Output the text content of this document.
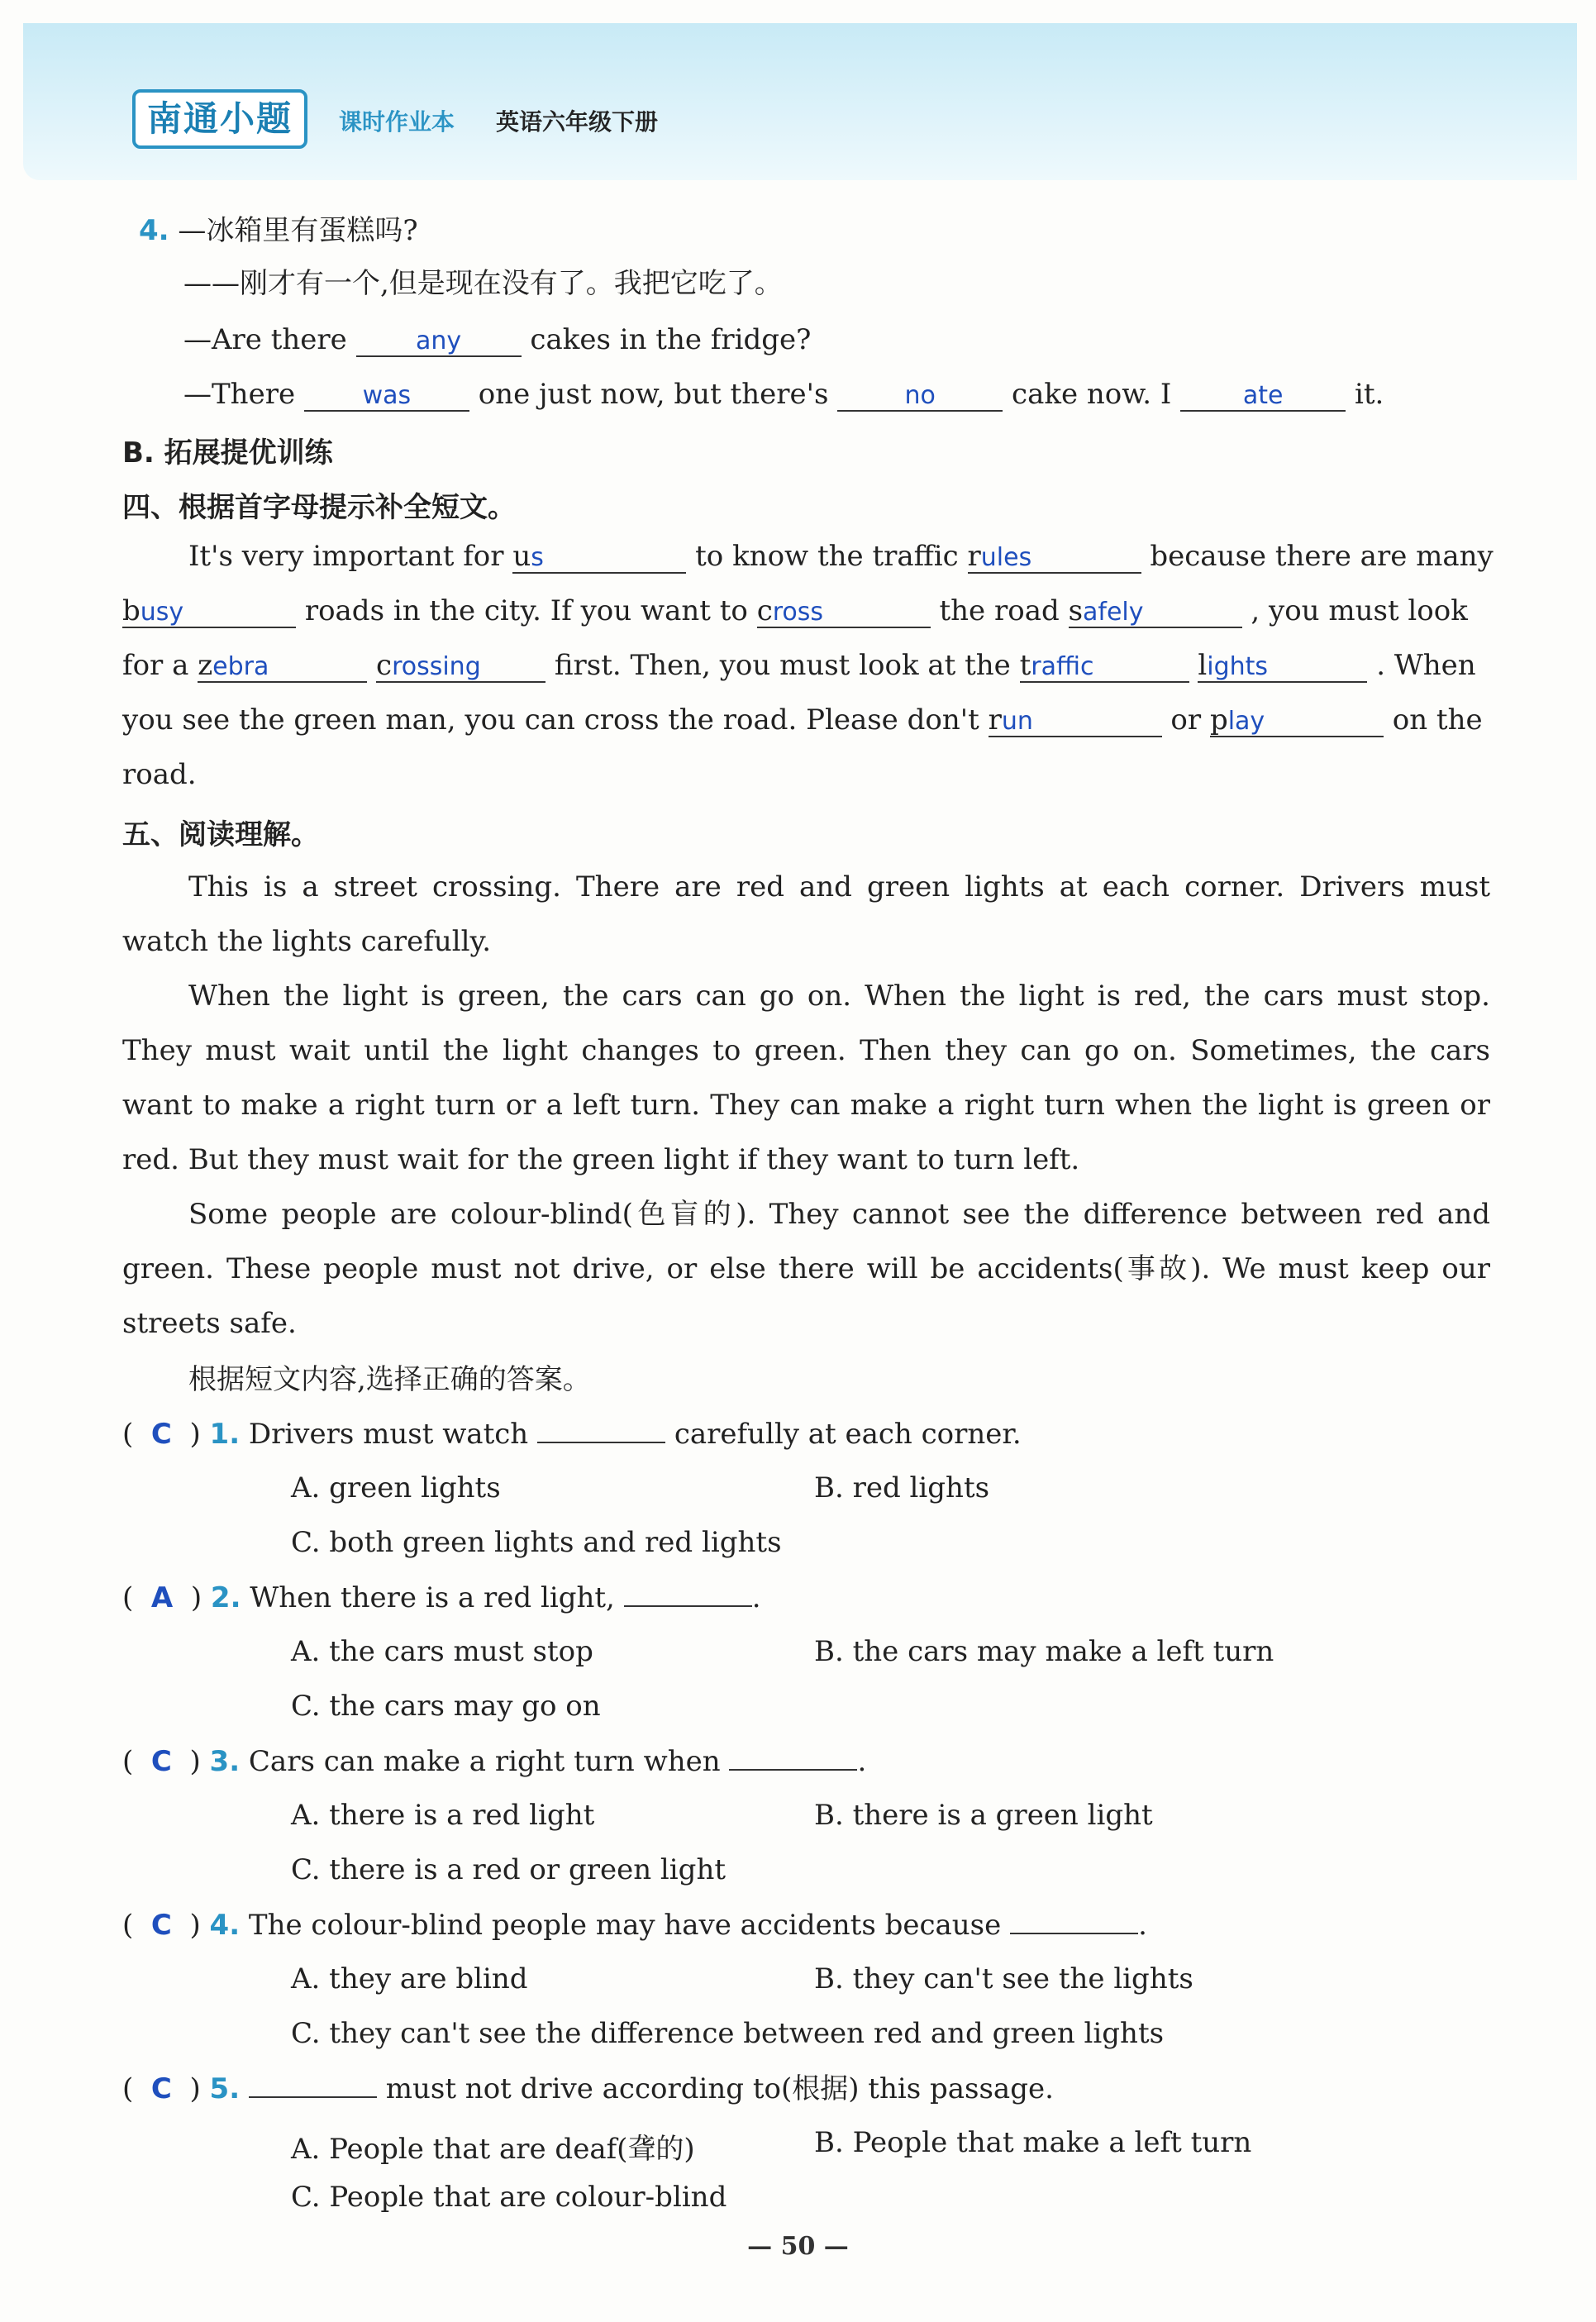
南通小题	课时作业本 英语六年级下册
4. —冰箱里有蛋糕吗?
——刚才有一个,但是现在没有了。我把它吃了。
—Are there	any cakes in the fridge?
—There	was one just now, but there's	no	cake now. I	ate	it.
B. 拓展提优训练
四、根据首字母提示补全短文。
It's very important for us	to know the traffic rules	because there are many
busy	roads in the city. If you want to cross	the road safely	, you must look
for a zebra	crossing	first. Then, you must look at the traffic	lights	. When
you see the green man, you can cross the road. Please don't run	or play	on the
road.
五、阅读理解。
This is a street crossing. There are red and green lights at each corner. Drivers must watch the lights carefully.
When the light is green, the cars can go on. When the light is red, the cars must stop. They must wait until the light changes to green. Then they can go on. Sometimes, the cars want to make a right turn or a left turn. They can make a right turn when the light is green or red. But they must wait for the green light if they want to turn left.
Some people are colour-blind(色盲的). They cannot see the difference between red and green. These people must not drive, or else there will be accidents(事故). We must keep our streets safe.
根据短文内容,选择正确的答案。
(  C  ) 1. Drivers must watch	carefully at each corner.
A. green lights	B. red lights
C. both green lights and red lights
(  A  ) 2. When there is a red light,	.
A. the cars must stop	B. the cars may make a left turn
C. the cars may go on
(  C  ) 3. Cars can make a right turn when	.
A. there is a red light	B. there is a green light
C. there is a red or green light
(  C  ) 4. The colour-blind people may have accidents because	.
A. they are blind	B. they can't see the lights
C. they can't see the difference between red and green lights
(  C  ) 5.	must not drive according to(根据) this passage.
A. People that are deaf(聋的)	B. People that make a left turn
C. People that are colour-blind
— 50 —
